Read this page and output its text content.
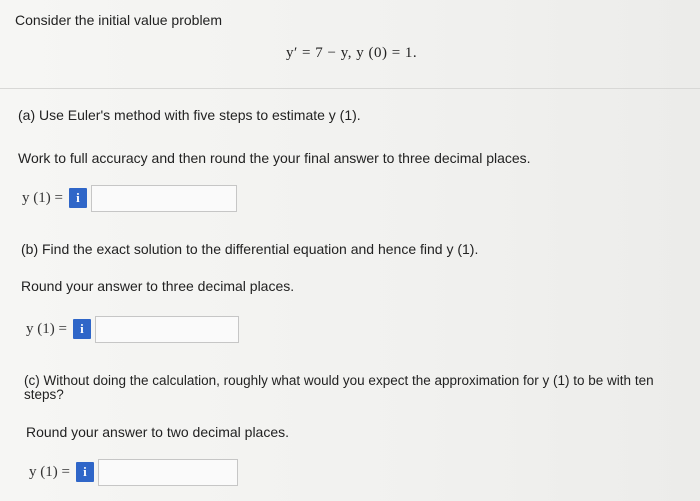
Consider the initial value problem
y′ = 7 − y, y (0) = 1.
(a) Use Euler's method with five steps to estimate y (1).
Work to full accuracy and then round the your final answer to three decimal places.
y (1) =	i
(b) Find the exact solution to the differential equation and hence find y (1).
Round your answer to three decimal places.
y (1) =	i
(c) Without doing the calculation, roughly what would you expect the approximation for y (1) to be with ten
steps?
Round your answer to two decimal places.
y (1) =	i
